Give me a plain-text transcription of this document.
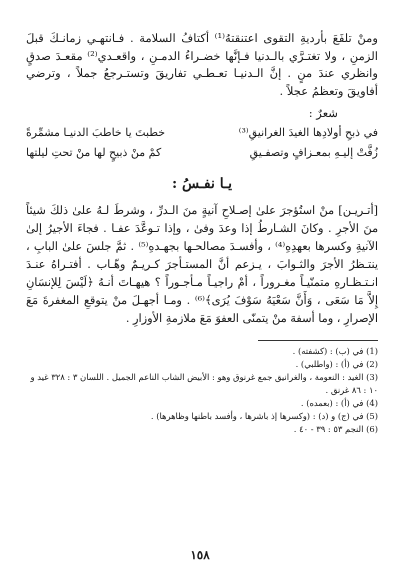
ومنْ تلفَعَ بأرديةِ التقوى اعتنقتهُ⁽¹⁾ أكتافُ السلامة . فـانتهـي زمانـكَ قبلَ الزمنِ ، ولا تغتـرَّي بالـدنيا فـإنَّها خضـراءُ الدمـنِ ، واقعـدي⁽²⁾ مقعـدَ صدقٍ وانظري عندَ منٍ . إنَّ الـدنيـا تعـطـي تفاريقَ وتستـرجعُ جملاً ، وترضي أفاويقَ وتعظمُ عجلاً .

شعرٌ :

في ذبحِ أولادِها الغيدَ الغرانيقِ⁽³⁾
خطبتَ يا خاطبَ الدنيـا مشمِّرةً
زُفَّتْ إليـهِ بمعـزافٍ وتصفـيقِ
كمْ منْ ذبيحٍ لها منْ تحتِ ليلتها
يـا نفـسُ :

[أتـريـن] منْ استُؤجرَ علىٰ إصـلاحِ آنيةٍ منَ الـدرِّ ، وشرطَ لـهُ علىٰ ذلكَ شيئاً منَ الأجرِ . وكانَ الشـارطُ إذا وعدَ وفىٰ ، وإذا تـوعَّدَ عفـا . فجاءَ الأجيرُ إلىٰ الآنيةِ وكسرها بعهدِهِ⁽⁴⁾ ، وأفسـدَ مصالحـها بجهـدهِ⁽⁵⁾ . ثمَّ جلسَ علىٰ البابِ ، ينتـظرُ الأجرَ والثـوابَ ، يـزعم أنَّ المستـأجرَ كـريـمٌ وهّـاب . أفتـراهُ عنـدَ انـتـظـارهِ متمنّيـاً مغـروراً ، أمْ راجيـاً مـأجـوراً ؟ هيهـاتَ أنـهُ ﴿لَيْسَ لِلإنسَانِ إِلاَّ مَا سَعَى ، وَأَنَّ سَعْيَهُ سَوْفَ يُرَى﴾⁽⁶⁾ . ومـا أجهـلَ منْ يتوقعِ المغفرةَ مَعَ الإصرارِ ، وما أسفهَ منْ يتمنّى العفوَ مَعَ ملازمةِ الأوزارِ .

(1) في (ب) : (كشفته) .

(2) في (أ) : (واطلبي) .

(3) الغيد : النعومة ، والغرانيق جمع غرنوق وهو : الأبيض الشاب الناعم الجميل . اللسان ٣ : ٣٢٨ غيد و ١٠ : ٨٦ غرنق .

(4) في (أ) : (بعمده) .

(5) في (ج) و (د) : (وكسرها إذ باشرها ، وأفسد باطنها وظاهرها) .

(6) النجم ٥٣ : ٣٩ - ٤٠ .

١٥٨
